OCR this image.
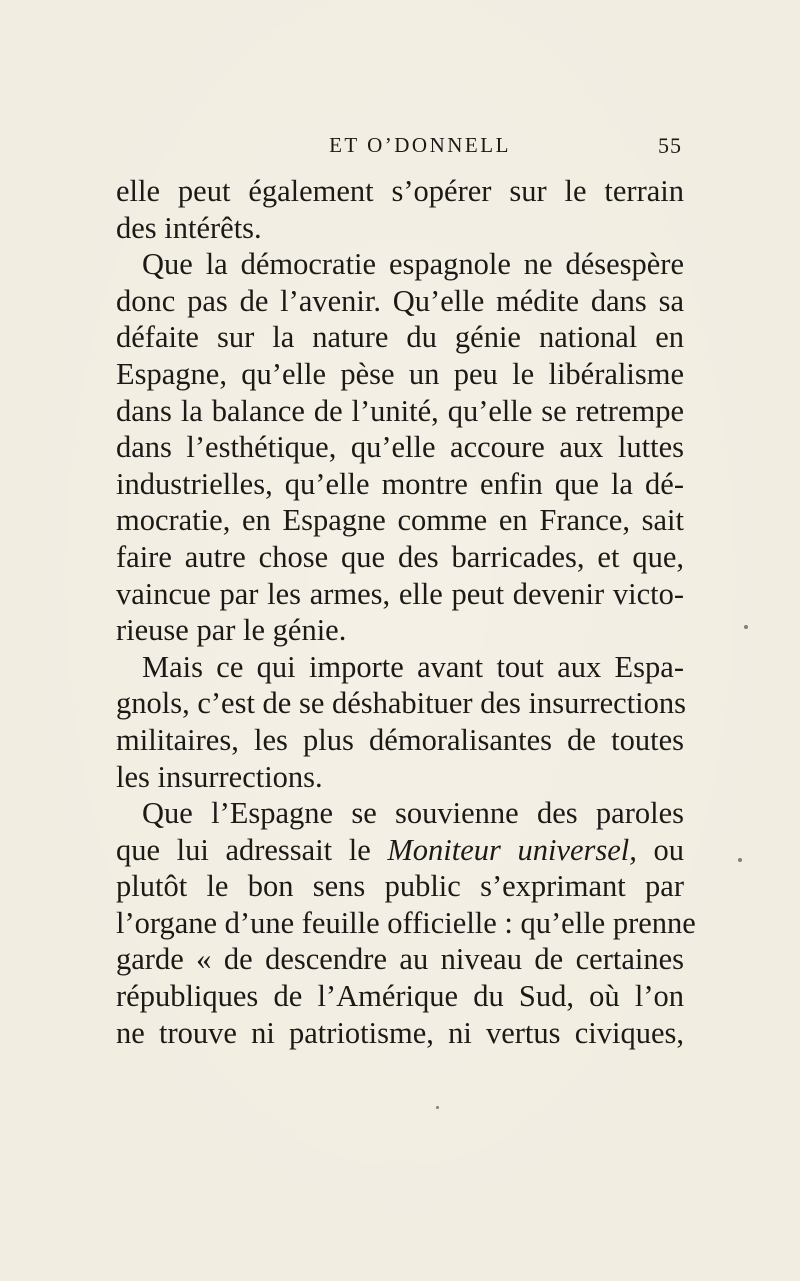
ET O’DONNELL	55
elle peut également s’opérer sur le terrain
des intérêts.
Que la démocratie espagnole ne désespère
donc pas de l’avenir. Qu’elle médite dans sa
défaite sur la nature du génie national en
Espagne, qu’elle pèse un peu le libéralisme
dans la balance de l’unité, qu’elle se retrempe
dans l’esthétique, qu’elle accoure aux luttes
industrielles, qu’elle montre enfin que la dé-
mocratie, en Espagne comme en France, sait
faire autre chose que des barricades, et que,
vaincue par les armes, elle peut devenir victo-
rieuse par le génie.
Mais ce qui importe avant tout aux Espa-
gnols, c’est de se déshabituer des insurrections
militaires, les plus démoralisantes de toutes
les insurrections.
Que l’Espagne se souvienne des paroles
que lui adressait le Moniteur universel, ou
plutôt le bon sens public s’exprimant par
l’organe d’une feuille officielle : qu’elle prenne
garde « de descendre au niveau de certaines
républiques de l’Amérique du Sud, où l’on
ne trouve ni patriotisme, ni vertus civiques,
